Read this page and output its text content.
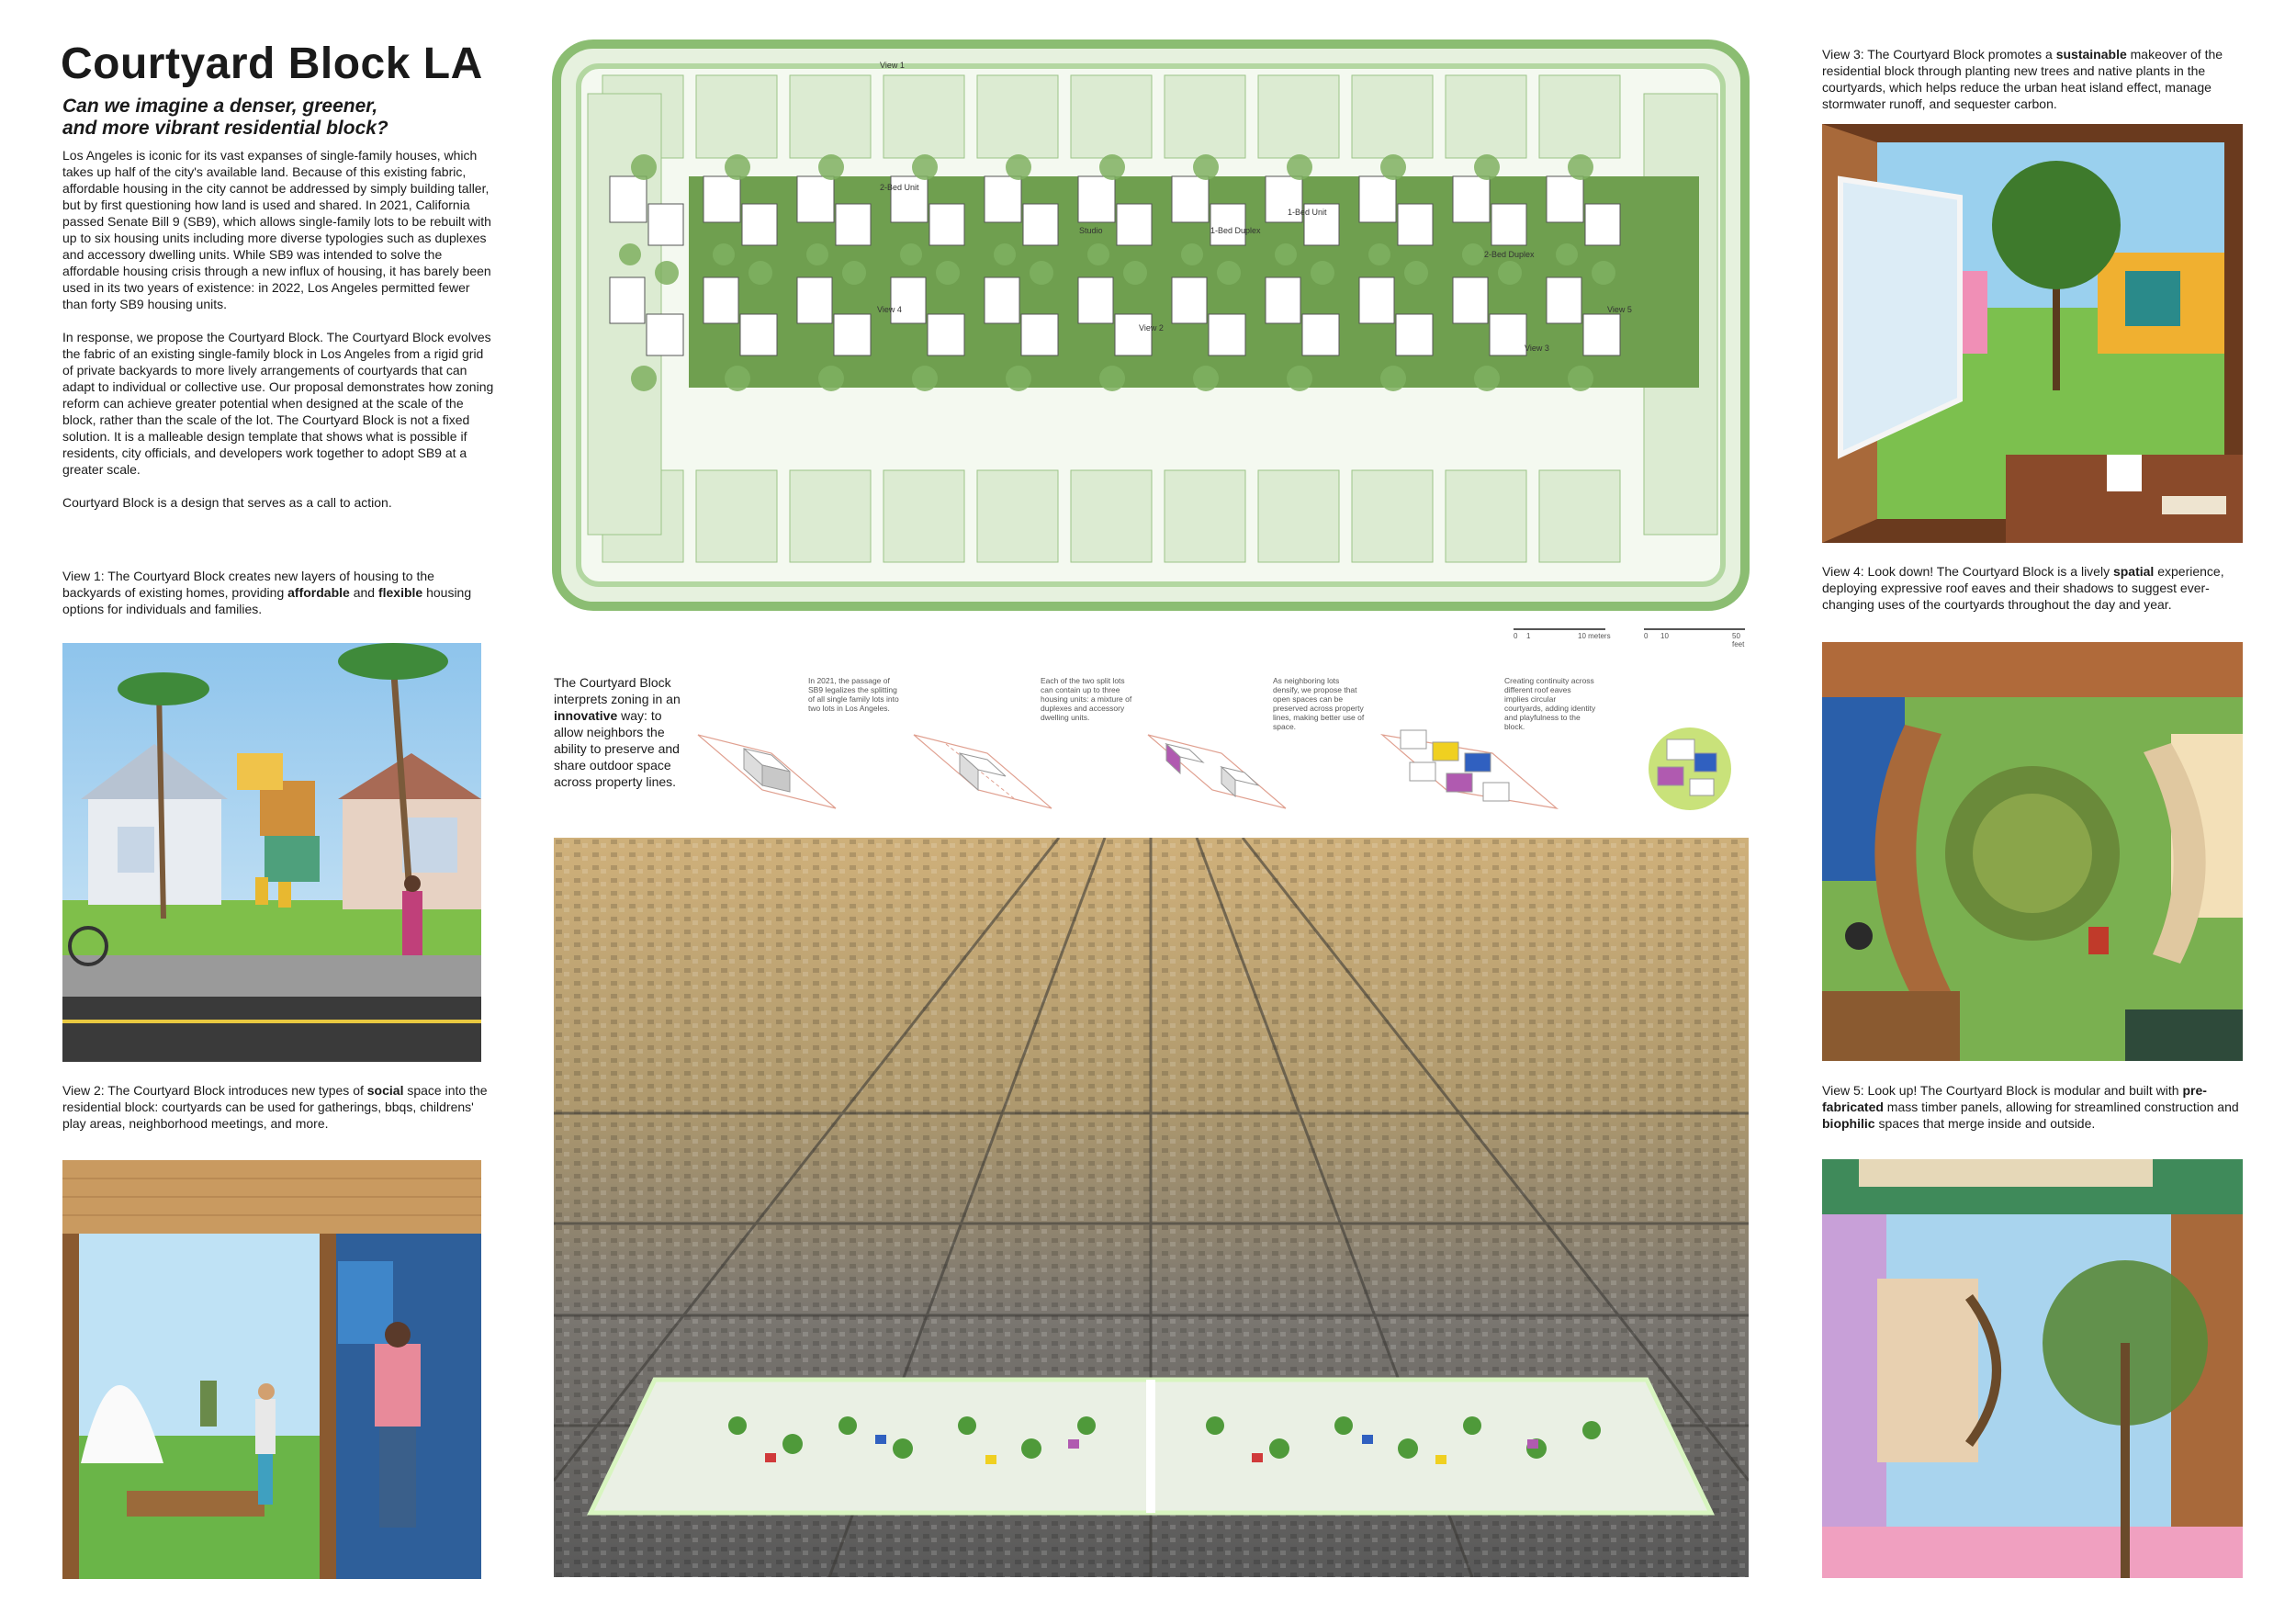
Courtyard Block LA
Can we imagine a denser, greener,
and more vibrant residential block?

Los Angeles is iconic for its vast expanses of single-family houses, which takes up half of the city's available land. Because of this existing fabric, affordable housing in the city cannot be addressed by simply building taller, but by first questioning how land is used and shared. In 2021, California passed Senate Bill 9 (SB9), which allows single-family lots to be rebuilt with up to six housing units including more diverse typologies such as duplexes and accessory dwelling units. While SB9 was intended to solve the affordable housing crisis through a new influx of housing, it has barely been used in its two years of existence: in 2022, Los Angeles permitted fewer than forty SB9 housing units.

In response, we propose the Courtyard Block. The Courtyard Block evolves the fabric of an existing single-family block in Los Angeles from a rigid grid of private backyards to more lively arrangements of courtyards that can adapt to individual or collective use. Our proposal demonstrates how zoning reform can achieve greater potential when designed at the scale of the block, rather than the scale of the lot. The Courtyard Block is not a fixed solution. It is a malleable design template that shows what is possible if residents, city officials, and developers work together to adopt SB9 at a greater scale.

Courtyard Block is a design that serves as a call to action.

View 1: The Courtyard Block creates new layers of housing to the backyards of existing homes, providing affordable and flexible housing options for individuals and families.
View 2: The Courtyard Block introduces new types of social space into the residential block: courtyards can be used for gatherings, bbqs, childrens' play areas, neighborhood meetings, and more.
2-Bed Unit
Studio	1-Bed Duplex
1-Bed Unit
2-Bed Duplex
View 4
View 2
View 3
View 5
View 1
0 1	10 meters	0 10	50 feet
The Courtyard Block interprets zoning in an innovative way: to allow neighbors the ability to preserve and share outdoor space across property lines.
In 2021, the passage of SB9 legalizes the splitting of all single family lots into two lots in Los Angeles.
Each of the two split lots can contain up to three housing units: a mixture of duplexes and accessory dwelling units.
As neighboring lots densify, we propose that open spaces can be preserved across property lines, making better use of space.
Creating continuity across different roof eaves implies circular courtyards, adding identity and playfulness to the block.
View 3: The Courtyard Block promotes a sustainable makeover of the residential block through planting new trees and native plants in the courtyards, which helps reduce the urban heat island effect, manage stormwater runoff, and sequester carbon.
View 4: Look down! The Courtyard Block is a lively spatial experience, deploying expressive roof eaves and their shadows to suggest ever-changing uses of the courtyards throughout the day and year.
View 5: Look up! The Courtyard Block is modular and built with pre-fabricated mass timber panels, allowing for streamlined construction and biophilic spaces that merge inside and outside.
